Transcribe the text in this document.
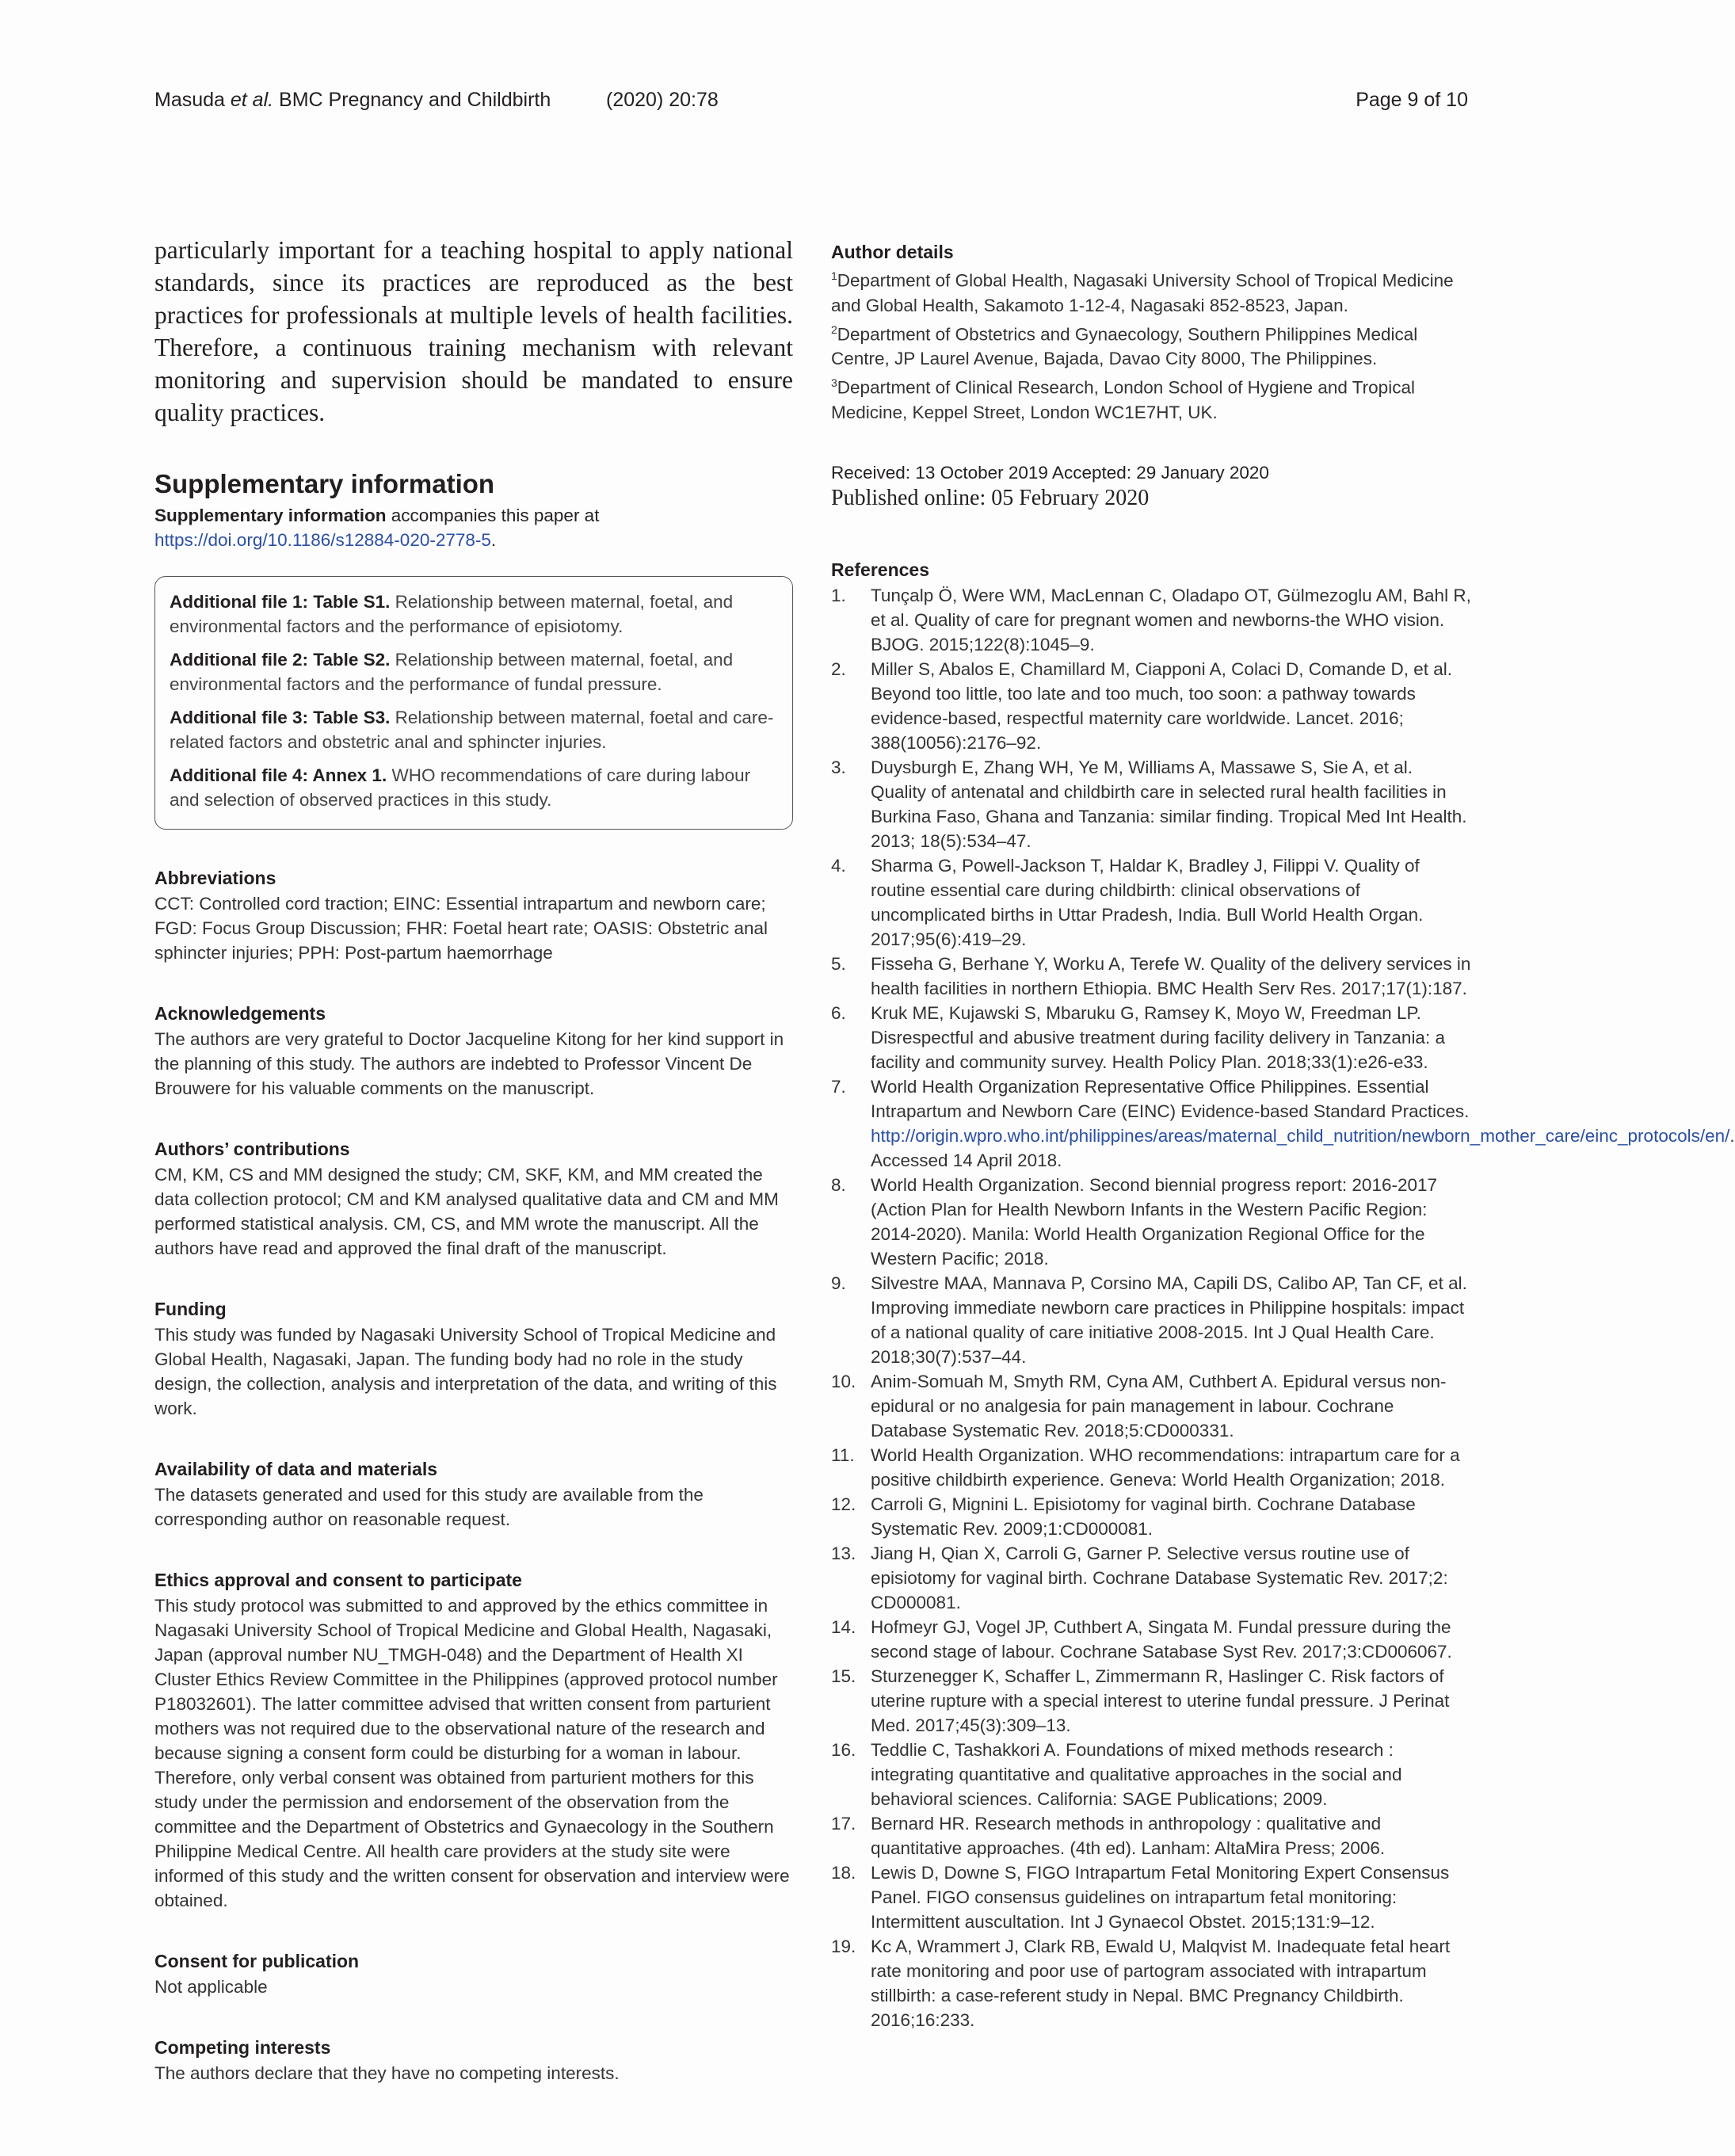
Masuda et al. BMC Pregnancy and Childbirth	(2020) 20:78	Page 9 of 10

particularly important for a teaching hospital to apply national standards, since its practices are reproduced as the best practices for professionals at multiple levels of health facilities. Therefore, a continuous training mechanism with relevant monitoring and supervision should be mandated to ensure quality practices.

Supplementary information

Supplementary information accompanies this paper at https://doi.org/10.1186/s12884-020-2778-5.

Additional file 1: Table S1. Relationship between maternal, foetal, and environmental factors and the performance of episiotomy.

Additional file 2: Table S2. Relationship between maternal, foetal, and environmental factors and the performance of fundal pressure.

Additional file 3: Table S3. Relationship between maternal, foetal and care-related factors and obstetric anal and sphincter injuries.

Additional file 4: Annex 1. WHO recommendations of care during labour and selection of observed practices in this study.

Abbreviations

CCT: Controlled cord traction; EINC: Essential intrapartum and newborn care; FGD: Focus Group Discussion; FHR: Foetal heart rate; OASIS: Obstetric anal sphincter injuries; PPH: Post-partum haemorrhage

Acknowledgements

The authors are very grateful to Doctor Jacqueline Kitong for her kind support in the planning of this study. The authors are indebted to Professor Vincent De Brouwere for his valuable comments on the manuscript.

Authors’ contributions

CM, KM, CS and MM designed the study; CM, SKF, KM, and MM created the data collection protocol; CM and KM analysed qualitative data and CM and MM performed statistical analysis. CM, CS, and MM wrote the manuscript. All the authors have read and approved the final draft of the manuscript.

Funding

This study was funded by Nagasaki University School of Tropical Medicine and Global Health, Nagasaki, Japan. The funding body had no role in the study design, the collection, analysis and interpretation of the data, and writing of this work.

Availability of data and materials

The datasets generated and used for this study are available from the corresponding author on reasonable request.

Ethics approval and consent to participate

This study protocol was submitted to and approved by the ethics committee in Nagasaki University School of Tropical Medicine and Global Health, Nagasaki, Japan (approval number NU_TMGH-048) and the Department of Health XI Cluster Ethics Review Committee in the Philippines (approved protocol number P18032601). The latter committee advised that written consent from parturient mothers was not required due to the observational nature of the research and because signing a consent form could be disturbing for a woman in labour. Therefore, only verbal consent was obtained from parturient mothers for this study under the permission and endorsement of the observation from the committee and the Department of Obstetrics and Gynaecology in the Southern Philippine Medical Centre. All health care providers at the study site were informed of this study and the written consent for observation and interview were obtained.

Consent for publication

Not applicable

Competing interests

The authors declare that they have no competing interests.

Author details

$^1$Department of Global Health, Nagasaki University School of Tropical Medicine and Global Health, Sakamoto 1-12-4, Nagasaki 852-8523, Japan.

$^2$Department of Obstetrics and Gynaecology, Southern Philippines Medical Centre, JP Laurel Avenue, Bajada, Davao City 8000, The Philippines.

$^3$Department of Clinical Research, London School of Hygiene and Tropical Medicine, Keppel Street, London WC1E7HT, UK.

Received: 13 October 2019 Accepted: 29 January 2020
Published online: 05 February 2020
References
1. Tunçalp Ö, Were WM, MacLennan C, Oladapo OT, Gülmezoglu AM, Bahl R, et al. Quality of care for pregnant women and newborns-the WHO vision. BJOG. 2015;122(8):1045–9.
2. Miller S, Abalos E, Chamillard M, Ciapponi A, Colaci D, Comande D, et al. Beyond too little, too late and too much, too soon: a pathway towards evidence-based, respectful maternity care worldwide. Lancet. 2016; 388(10056):2176–92.
3. Duysburgh E, Zhang WH, Ye M, Williams A, Massawe S, Sie A, et al. Quality of antenatal and childbirth care in selected rural health facilities in Burkina Faso, Ghana and Tanzania: similar finding. Tropical Med Int Health. 2013; 18(5):534–47.
4. Sharma G, Powell-Jackson T, Haldar K, Bradley J, Filippi V. Quality of routine essential care during childbirth: clinical observations of uncomplicated births in Uttar Pradesh, India. Bull World Health Organ. 2017;95(6):419–29.
5. Fisseha G, Berhane Y, Worku A, Terefe W. Quality of the delivery services in health facilities in northern Ethiopia. BMC Health Serv Res. 2017;17(1):187.
6. Kruk ME, Kujawski S, Mbaruku G, Ramsey K, Moyo W, Freedman LP. Disrespectful and abusive treatment during facility delivery in Tanzania: a facility and community survey. Health Policy Plan. 2018;33(1):e26-e33.
7. World Health Organization Representative Office Philippines. Essential Intrapartum and Newborn Care (EINC) Evidence-based Standard Practices. http://origin.wpro.who.int/philippines/areas/maternal_child_nutrition/newborn_mother_care/einc_protocols/en/. Accessed 14 April 2018.
8. World Health Organization. Second biennial progress report: 2016-2017 (Action Plan for Health Newborn Infants in the Western Pacific Region: 2014-2020). Manila: World Health Organization Regional Office for the Western Pacific; 2018.
9. Silvestre MAA, Mannava P, Corsino MA, Capili DS, Calibo AP, Tan CF, et al. Improving immediate newborn care practices in Philippine hospitals: impact of a national quality of care initiative 2008-2015. Int J Qual Health Care. 2018;30(7):537–44.
10. Anim-Somuah M, Smyth RM, Cyna AM, Cuthbert A. Epidural versus non-epidural or no analgesia for pain management in labour. Cochrane Database Systematic Rev. 2018;5:CD000331.
11. World Health Organization. WHO recommendations: intrapartum care for a positive childbirth experience. Geneva: World Health Organization; 2018.
12. Carroli G, Mignini L. Episiotomy for vaginal birth. Cochrane Database Systematic Rev. 2009;1:CD000081.
13. Jiang H, Qian X, Carroli G, Garner P. Selective versus routine use of episiotomy for vaginal birth. Cochrane Database Systematic Rev. 2017;2: CD000081.
14. Hofmeyr GJ, Vogel JP, Cuthbert A, Singata M. Fundal pressure during the second stage of labour. Cochrane Satabase Syst Rev. 2017;3:CD006067.
15. Sturzenegger K, Schaffer L, Zimmermann R, Haslinger C. Risk factors of uterine rupture with a special interest to uterine fundal pressure. J Perinat Med. 2017;45(3):309–13.
16. Teddlie C, Tashakkori A. Foundations of mixed methods research : integrating quantitative and qualitative approaches in the social and behavioral sciences. California: SAGE Publications; 2009.
17. Bernard HR. Research methods in anthropology : qualitative and quantitative approaches. (4th ed). Lanham: AltaMira Press; 2006.
18. Lewis D, Downe S, FIGO Intrapartum Fetal Monitoring Expert Consensus Panel. FIGO consensus guidelines on intrapartum fetal monitoring: Intermittent auscultation. Int J Gynaecol Obstet. 2015;131:9–12.
19. Kc A, Wrammert J, Clark RB, Ewald U, Malqvist M. Inadequate fetal heart rate monitoring and poor use of partogram associated with intrapartum stillbirth: a case-referent study in Nepal. BMC Pregnancy Childbirth. 2016;16:233.
